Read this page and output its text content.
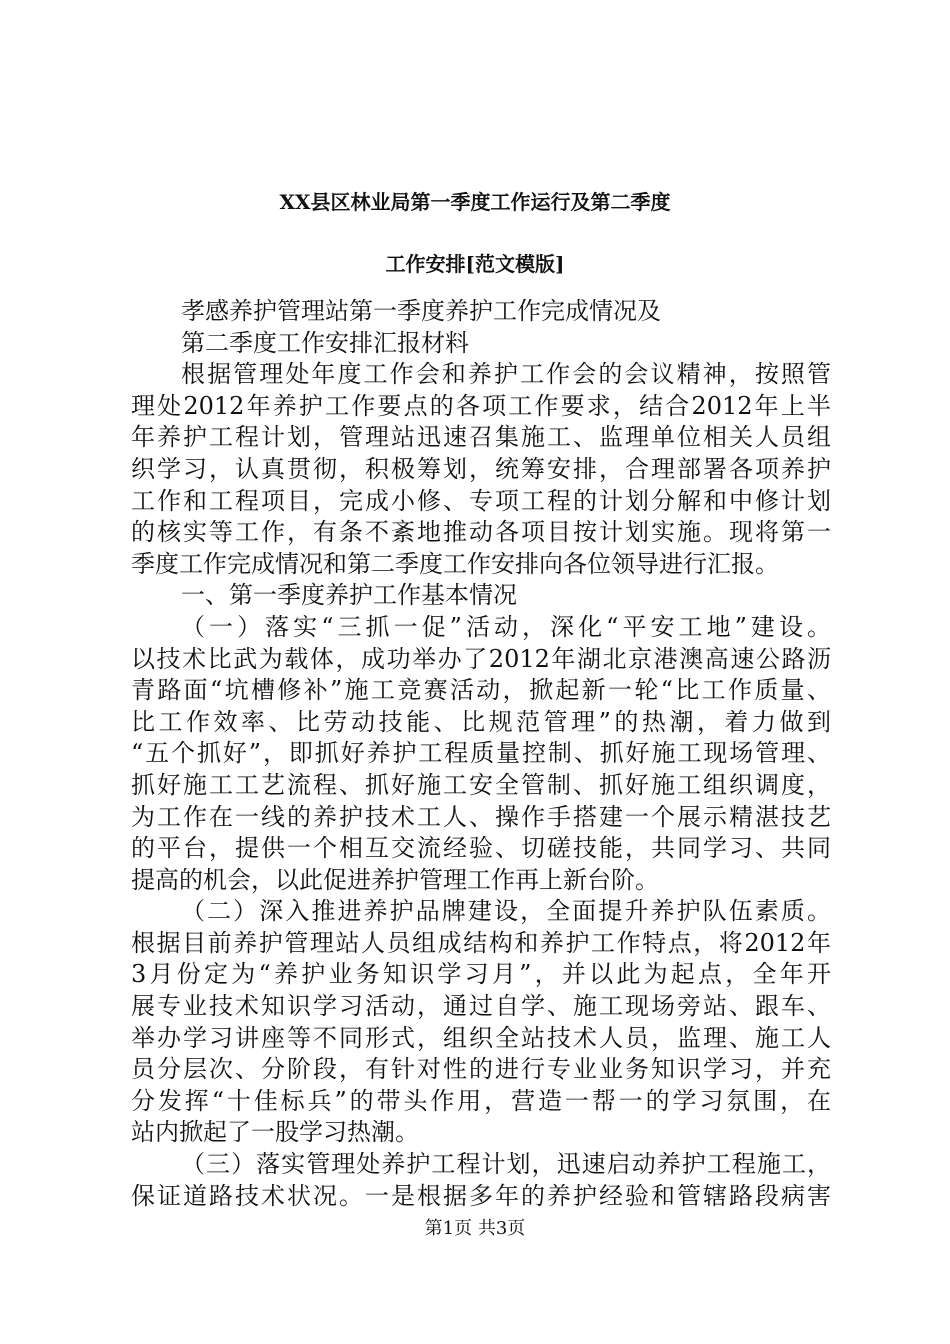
XX县区林业局第一季度工作运行及第二季度
工作安排[范文模版]
孝感养护管理站第一季度养护工作完成情况及
第二季度工作安排汇报材料
根据管理处年度工作会和养护工作会的会议精神，按照管
理处2012年养护工作要点的各项工作要求，结合2012年上半
年养护工程计划，管理站迅速召集施工、监理单位相关人员组
织学习，认真贯彻，积极筹划，统筹安排，合理部署各项养护
工作和工程项目，完成小修、专项工程的计划分解和中修计划
的核实等工作，有条不紊地推动各项目按计划实施。现将第一
季度工作完成情况和第二季度工作安排向各位领导进行汇报。
一、第一季度养护工作基本情况
（一）落实“三抓一促”活动，深化“平安工地”建设。
以技术比武为载体，成功举办了2012年湖北京港澳高速公路沥
青路面“坑槽修补”施工竞赛活动，掀起新一轮“比工作质量、
比工作效率、比劳动技能、比规范管理”的热潮，着力做到
“五个抓好”，即抓好养护工程质量控制、抓好施工现场管理、
抓好施工工艺流程、抓好施工安全管制、抓好施工组织调度，
为工作在一线的养护技术工人、操作手搭建一个展示精湛技艺
的平台，提供一个相互交流经验、切磋技能，共同学习、共同
提高的机会，以此促进养护管理工作再上新台阶。
（二）深入推进养护品牌建设，全面提升养护队伍素质。
根据目前养护管理站人员组成结构和养护工作特点，将2012年
3月份定为“养护业务知识学习月”，并以此为起点，全年开
展专业技术知识学习活动，通过自学、施工现场旁站、跟车、
举办学习讲座等不同形式，组织全站技术人员，监理、施工人
员分层次、分阶段，有针对性的进行专业业务知识学习，并充
分发挥“十佳标兵”的带头作用，营造一帮一的学习氛围，在
站内掀起了一股学习热潮。
（三）落实管理处养护工程计划，迅速启动养护工程施工，
保证道路技术状况。一是根据多年的养护经验和管辖路段病害
第1页 共3页
